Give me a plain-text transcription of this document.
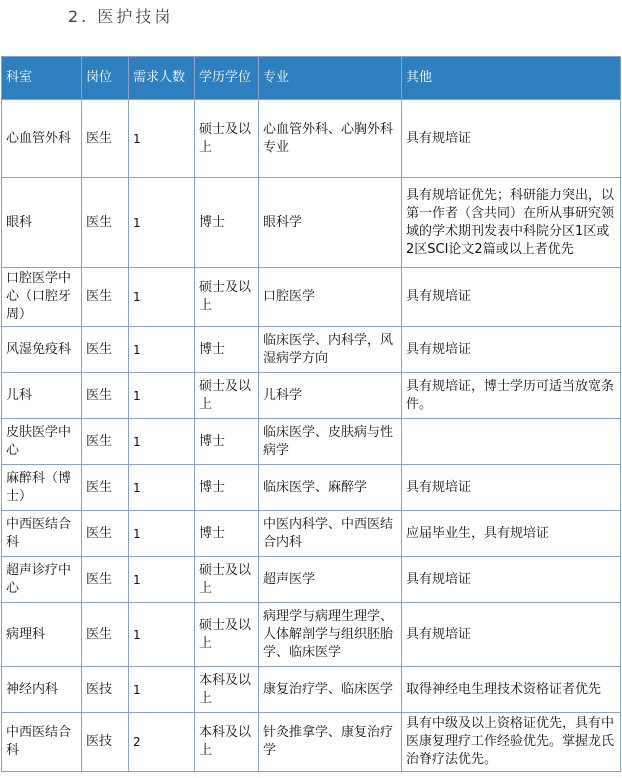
2. 医护技岗
科室	岗位	需求人数	学历学位	专业	其他
心血管外科	医生	1	硕士及以上	心血管外科、心胸外科专业	具有规培证
眼科	医生	1	博士	眼科学	具有规培证优先；科研能力突出，以第一作者（含共同）在所从事研究领域的学术期刊发表中科院分区1区或2区SCI论文2篇或以上者优先
口腔医学中心（口腔牙周）	医生	1	硕士及以上	口腔医学	具有规培证
风湿免疫科	医生	1	博士	临床医学、内科学，风湿病学方向	具有规培证
儿科	医生	1	硕士及以上	儿科学	具有规培证，博士学历可适当放宽条件。
皮肤医学中心	医生	1	博士	临床医学、皮肤病与性病学	
麻醉科（博士）	医生	1	博士	临床医学、麻醉学	具有规培证
中西医结合科	医生	1	博士	中医内科学、中西医结合内科	应届毕业生，具有规培证
超声诊疗中心	医生	1	硕士及以上	超声医学	具有规培证
病理科	医生	1	硕士及以上	病理学与病理生理学、人体解剖学与组织胚胎学、临床医学	具有规培证
神经内科	医技	1	本科及以上	康复治疗学、临床医学	取得神经电生理技术资格证者优先
中西医结合科	医技	2	本科及以上	针灸推拿学、康复治疗学	具有中级及以上资格证优先，具有中医康复理疗工作经验优先。掌握龙氏治脊疗法优先。
